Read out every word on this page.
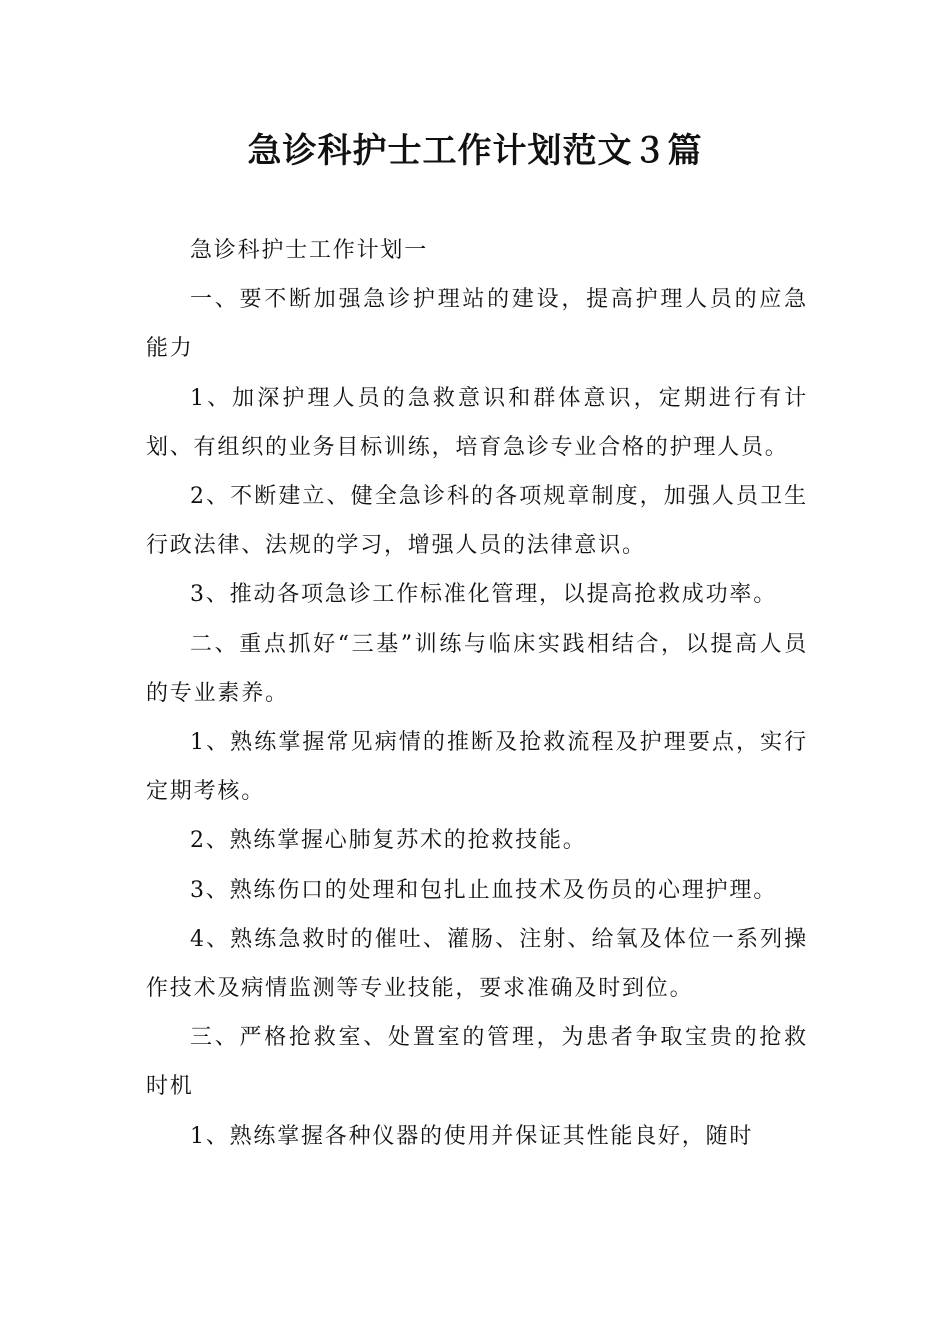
急诊科护士工作计划范文３篇

急诊科护士工作计划一

一、要不断加强急诊护理站的建设，提高护理人员的应急能力

1、加深护理人员的急救意识和群体意识，定期进行有计划、有组织的业务目标训练，培育急诊专业合格的护理人员。

2、不断建立、健全急诊科的各项规章制度，加强人员卫生行政法律、法规的学习，增强人员的法律意识。

3、推动各项急诊工作标准化管理，以提高抢救成功率。

二、重点抓好“三基”训练与临床实践相结合，以提高人员的专业素养。

1、熟练掌握常见病情的推断及抢救流程及护理要点，实行定期考核。

2、熟练掌握心肺复苏术的抢救技能。

3、熟练伤口的处理和包扎止血技术及伤员的心理护理。

4、熟练急救时的催吐、灌肠、注射、给氧及体位一系列操作技术及病情监测等专业技能，要求准确及时到位。

三、严格抢救室、处置室的管理，为患者争取宝贵的抢救时机

1、熟练掌握各种仪器的使用并保证其性能良好，随时
